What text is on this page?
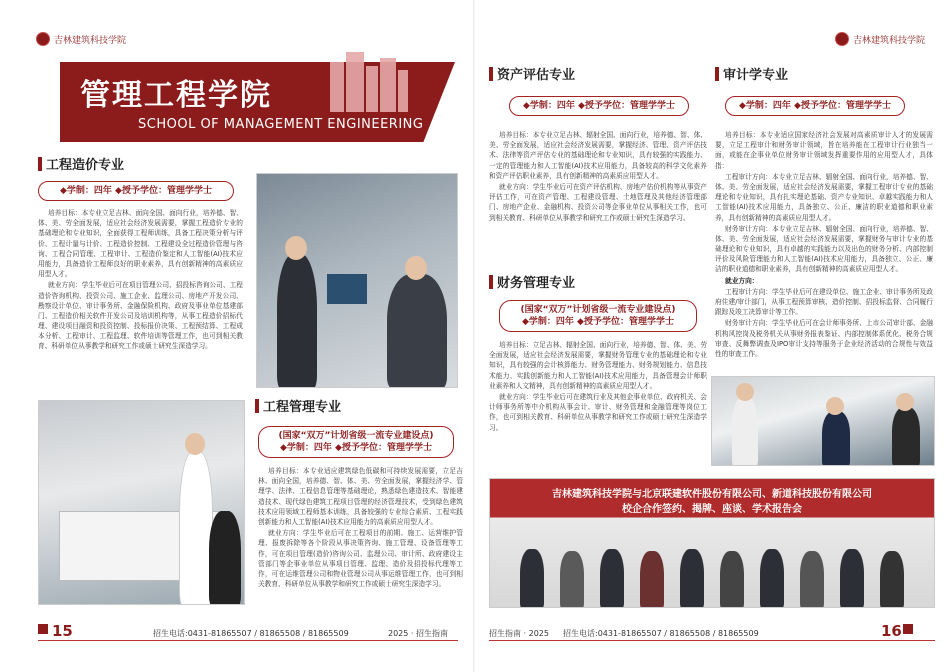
吉林建筑科技学院
管理工程学院
SCHOOL OF MANAGEMENT ENGINEERING
工程造价专业
◆学制：四年 ◆授予学位：管理学学士

培养目标：本专业立足吉林、面向全国、面向行业，培养德、智、体、美、劳全面发展，适应社会经济发展需要，掌握工程造价专业的基础理论和专业知识，全面获得工程师训练，具备工程决策分析与评价、工程计量与计价、工程造价控制、工程建设全过程造价管理与咨询、工程合同管理、工程审计、工程造价鉴定和人工智能(AI)技术应用能力，具备造价工程师良好的职业素养，具有创新精神的高素质应用型人才。

就业方向：学生毕业后可在项目管理公司、招投标咨询公司、工程造价咨询机构、投资公司、施工企业、监理公司、房地产开发公司、勘察设计单位、审计事务所、金融保险机构、政府及事业单位基建部门、工程造价相关软件开发公司及培训机构等，从事工程造价招标代理、建设项目融资和投资控制、投标报价决策、工程预结算、工程成本分析、工程审计、工程监理、软件培训等管理工作，也可到相关教育、科研单位从事教学和研究工作或硕士研究生深造学习。

工程管理专业
(国家“双万”计划省级一流专业建设点)
◆学制：四年 ◆授予学位：管理学学士

培养目标：本专业适应建筑绿色低碳和可持续发展需要，立足吉林、面向全国，培养德、智、体、美、劳全面发展，掌握经济学、管理学、法律、工程信息管理等基础理论，熟悉绿色建造技术、智能建造技术、现代绿色建筑工程项目管理的经济管理技术，受到绿色建筑技术应用领域工程师基本训练，具备较强的专业综合素质、工程实践创新能力和人工智能(AI)技术应用能力的高素质应用型人才。

就业方向：学生毕业后可在工程项目的前期、施工、运营维护管理、报废拆除等各个阶段从事决策咨询、施工管理、设备管理等工作，可在项目管理(造价)咨询公司、监理公司、审计所、政府建设主管部门等企事业单位从事项目管理、监理、造价及招投标代理等工作，可在运维管理公司和物业管理公司从事运维管理工作，也可到相关教育、科研单位从事教学和研究工作或硕士研究生深造学习。

15	招生电话:0431-81865507 / 81865508 / 81865509	2025 · 招生指南
吉林建筑科技学院
资产评估专业
◆学制：四年 ◆授予学位：管理学学士

培养目标：本专业立足吉林、辐射全国、面向行业，培养德、智、体、美、劳全面发展，适应社会经济发展需要，掌握经济、管理、资产评估技术、法律等资产评估专业的基础理论和专业知识，具有较强的实践能力、一定的管理能力和人工智能(AI)技术应用能力，具备较高的科学文化素养和资产评估职业素养，具有创新精神的高素质应用型人才。

就业方向：学生毕业后可在资产评估机构、房地产估价机构等从事资产评估工作，可在资产管理、工程建设管理、土地管理及其他经济管理部门、房地产企业、金融机构、投资公司等企事业单位从事相关工作，也可到相关教育、科研单位从事教学和研究工作或硕士研究生深造学习。

财务管理专业
(国家“双万”计划省级一流专业建设点)
◆学制：四年 ◆授予学位：管理学学士

培养目标：立足吉林、辐射全国、面向行业，培养德、智、体、美、劳全面发展，适应社会经济发展需要，掌握财务管理专业的基础理论和专业知识，具有较强的会计核算能力、财务管理能力、财务规划能力、信息技术能力、实践创新能力和人工智能(AI)技术应用能力，具备管理会计师职业素养和人文精神，具有创新精神的高素质应用型人才。

就业方向：学生毕业后可在建筑行业及其他企事业单位、政府机关、会计师事务所等中介机构从事会计、审计、财务管理和金融管理等岗位工作，也可到相关教育、科研单位从事教学和研究工作或硕士研究生深造学习。

审计学专业
◆学制：四年 ◆授予学位：管理学学士

培养目标：本专业适应国家经济社会发展对高素质审计人才的发展需要，立足工程审计和财务审计领域，旨在培养能在工程审计行业独当一面，或能在企事业单位财务审计领域发挥重要作用的应用型人才，具体指：

工程审计方向：本专业立足吉林、辐射全国、面向行业，培养德、智、体、美、劳全面发展，适应社会经济发展需要，掌握工程审计专业的基础理论和专业知识，具有扎实理论基础、资产专业知识、卓越实践能力和人工智能(AI)技术应用能力，具备独立、公正、廉洁的职业道德和职业素养，具有创新精神的高素质应用型人才。

财务审计方向：本专业立足吉林、辐射全国、面向行业，培养德、智、体、美、劳全面发展，适应社会经济发展需要，掌握财务与审计专业的基础理论和专业知识，具有卓越的实践能力以及出色的财务分析、内部控制评价及风险管理能力和人工智能(AI)技术应用能力，具备独立、公正、廉洁的职业道德和职业素养，具有创新精神的高素质应用型人才。

就业方向：

工程审计方向：学生毕业后可在建设单位、施工企业、审计事务所及政府住建/审计部门，从事工程预算审核、造价控制、招投标监督、合同履行跟踪及竣工决算审计等工作。

财务审计方向：学生毕业后可在会计师事务所、上市公司审计部、金融机构风控岗及税务机关从事财务报表鉴证、内部控制体系优化、税务合规审查、反舞弊调查及IPO审计支持等服务于企业经济活动的合规性与效益性的审查工作。

吉林建筑科技学院与北京联建软件股份有限公司、新道科技股份有限公司
校企合作签约、揭牌、座谈、学术报告会
招生指南 · 2025 招生电话:0431-81865507 / 81865508 / 81865509	16
